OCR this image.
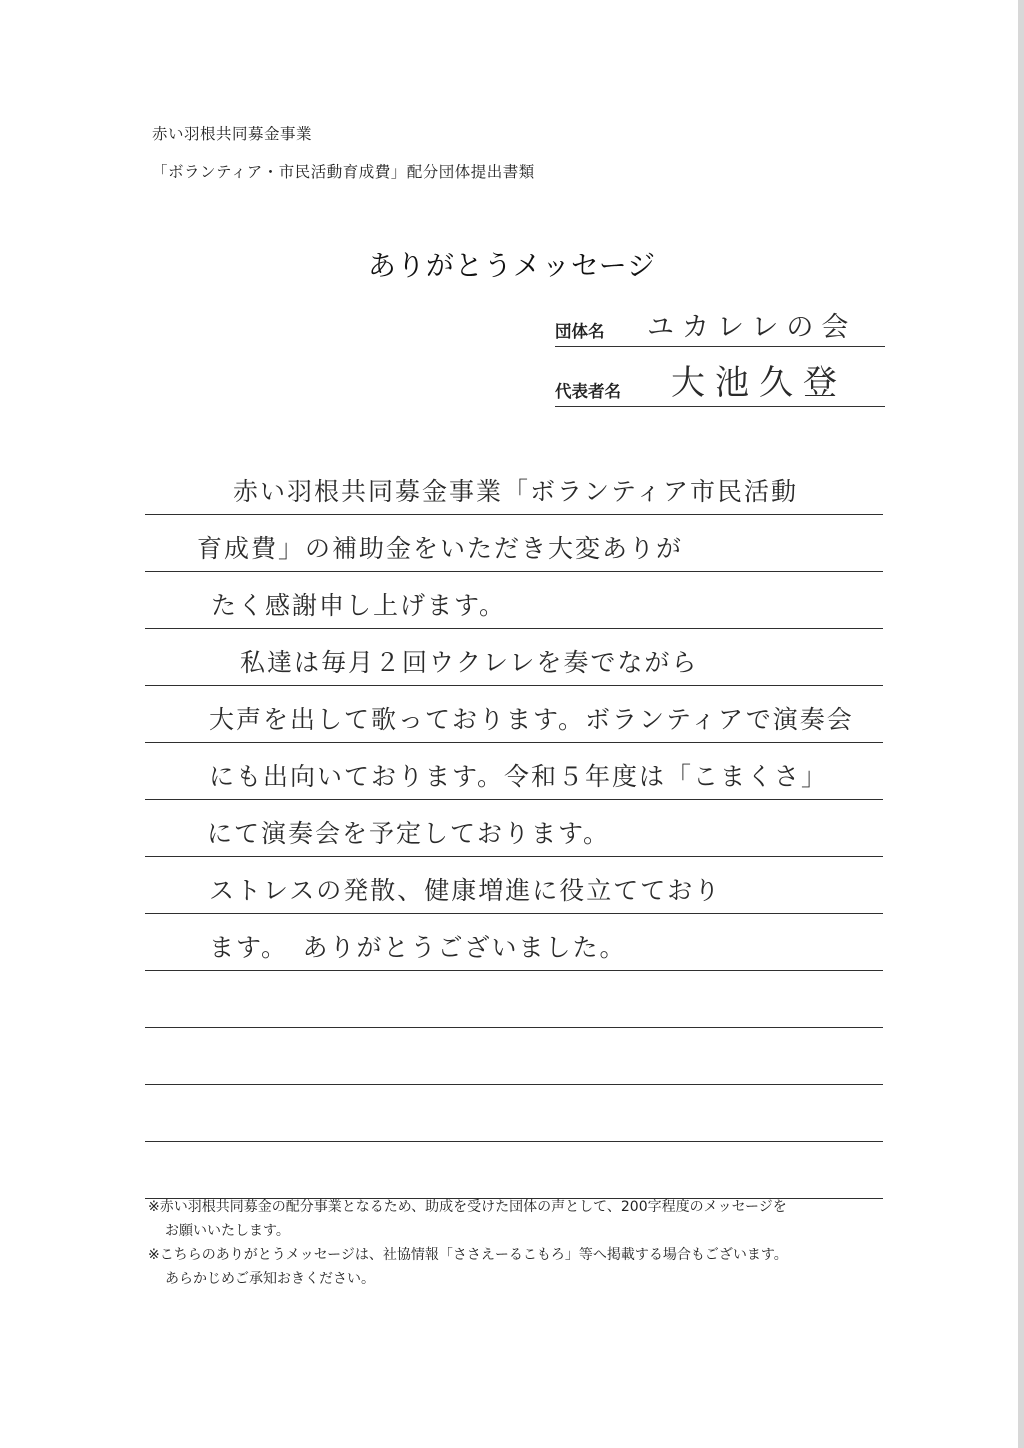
赤い羽根共同募金事業
「ボランティア・市民活動育成費」配分団体提出書類
ありがとうメッセージ
団体名 ユカレレの会
代表者名 大池久登
赤い羽根共同募金事業「ボランティア市民活動
育成費」の補助金をいただき大変ありが
たく感謝申し上げます。
私達は毎月２回ウクレレを奏でながら
大声を出して歌っております。ボランティアで演奏会
にも出向いております。令和５年度は「こまくさ」
にて演奏会を予定しております。
ストレスの発散、健康増進に役立てており
ます。　ありがとうございました。
※赤い羽根共同募金の配分事業となるため、助成を受けた団体の声として、200字程度のメッセージを
お願いいたします。
※こちらのありがとうメッセージは、社協情報「ささえーるこもろ」等へ掲載する場合もございます。
あらかじめご承知おきください。
